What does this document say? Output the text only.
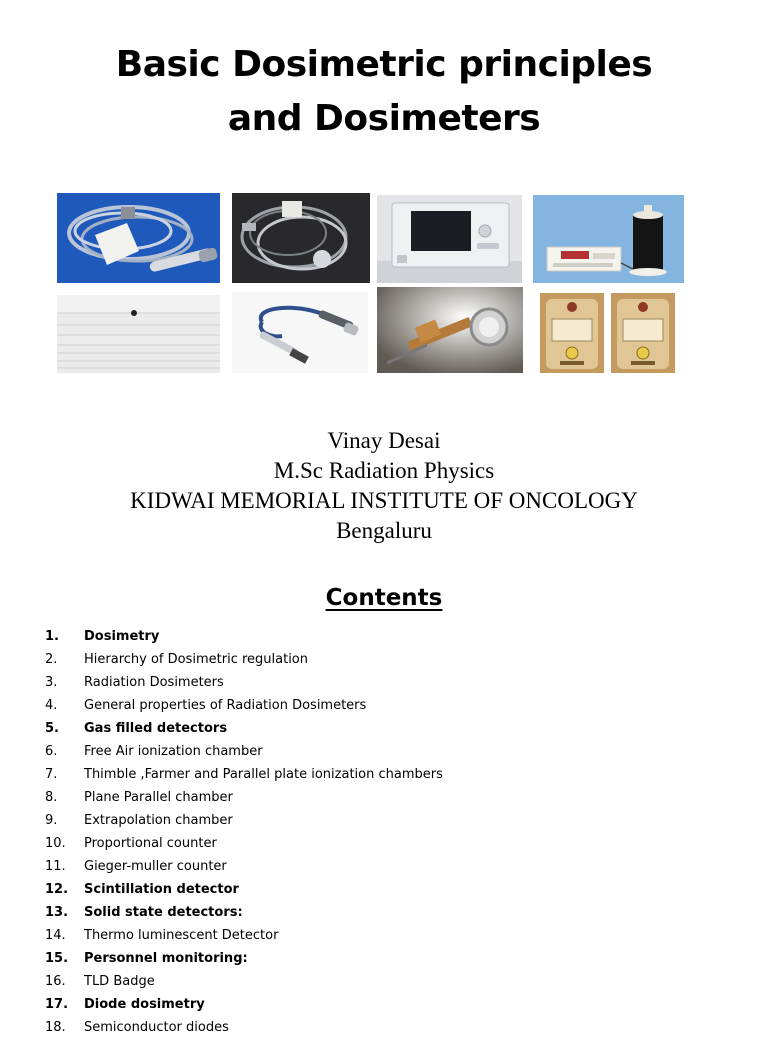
Basic Dosimetric principles
and Dosimeters
Vinay Desai
M.Sc Radiation Physics
KIDWAI MEMORIAL INSTITUTE OF ONCOLOGY
Bengaluru
Contents
1.	Dosimetry
2.	Hierarchy of Dosimetric regulation
3.	Radiation Dosimeters
4.	General properties of Radiation Dosimeters
5.	Gas filled detectors
6.	Free Air ionization chamber
7.	Thimble ,Farmer and Parallel plate ionization chambers
8.	Plane Parallel chamber
9.	Extrapolation chamber
10.	Proportional counter
11.	Gieger-muller counter
12.	Scintillation detector
13.	Solid state detectors:
14.	Thermo luminescent Detector
15.	Personnel monitoring:
16.	TLD Badge
17.	Diode dosimetry
18.	Semiconductor diodes
